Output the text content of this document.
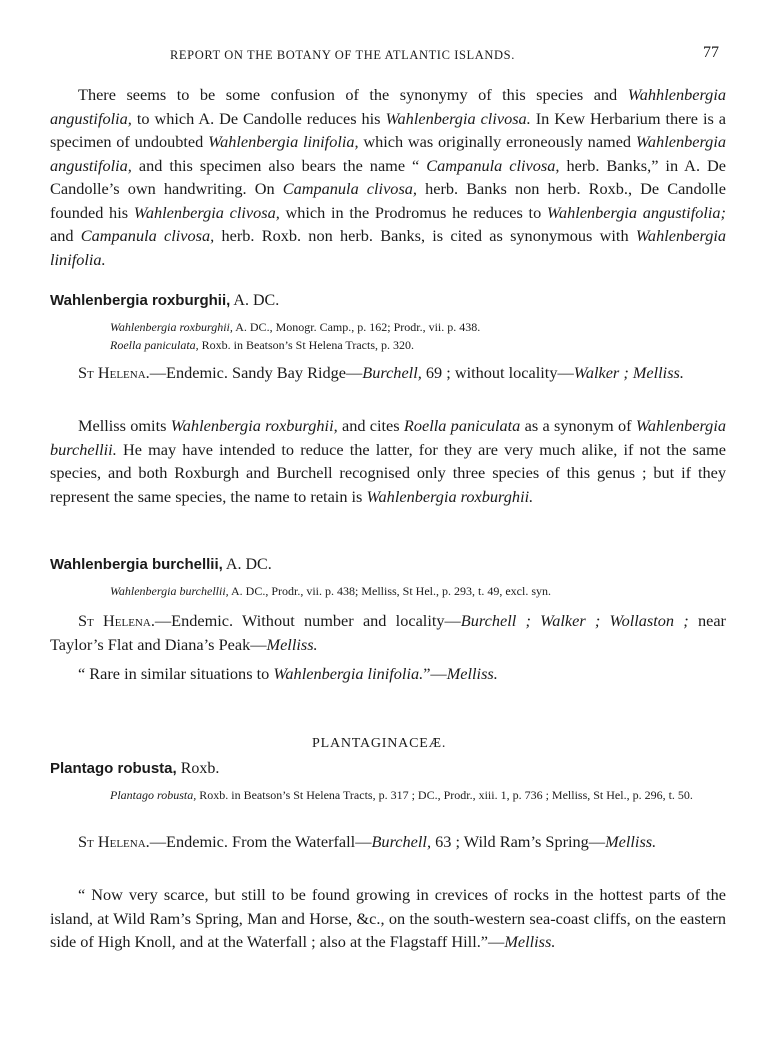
REPORT ON THE BOTANY OF THE ATLANTIC ISLANDS.	77

There seems to be some confusion of the synonymy of this species and Wahhlenbergia angustifolia, to which A. De Candolle reduces his Wahlenbergia clivosa. In Kew Herbarium there is a specimen of undoubted Wahlenbergia linifolia, which was originally erroneously named Wahlenbergia angustifolia, and this specimen also bears the name “ Campanula clivosa, herb. Banks,” in A. De Candolle’s own handwriting. On Campanula clivosa, herb. Banks non herb. Roxb., De Candolle founded his Wahlenbergia clivosa, which in the Prodromus he reduces to Wahlenbergia angustifolia; and Campanula clivosa, herb. Roxb. non herb. Banks, is cited as synonymous with Wahlenbergia linifolia.

Wahlenbergia roxburghii, A. DC.

Wahlenbergia roxburghii, A. DC., Monogr. Camp., p. 162; Prodr., vii. p. 438.

Roella paniculata, Roxb. in Beatson’s St Helena Tracts, p. 320.

St Helena.—Endemic. Sandy Bay Ridge—Burchell, 69 ; without locality—Walker ; Melliss.

Melliss omits Wahlenbergia roxburghii, and cites Roella paniculata as a synonym of Wahlenbergia burchellii. He may have intended to reduce the latter, for they are very much alike, if not the same species, and both Roxburgh and Burchell recognised only three species of this genus ; but if they represent the same species, the name to retain is Wahlenbergia roxburghii.

Wahlenbergia burchellii, A. DC.

Wahlenbergia burchellii, A. DC., Prodr., vii. p. 438; Melliss, St Hel., p. 293, t. 49, excl. syn.

St Helena.—Endemic. Without number and locality—Burchell ; Walker ; Wollaston ; near Taylor’s Flat and Diana’s Peak—Melliss.

“ Rare in similar situations to Wahlenbergia linifolia.”—Melliss.

PLANTAGINACEÆ.
Plantago robusta, Roxb.

Plantago robusta, Roxb. in Beatson’s St Helena Tracts, p. 317 ; DC., Prodr., xiii. 1, p. 736 ; Melliss, St Hel., p. 296, t. 50.

St Helena.—Endemic. From the Waterfall—Burchell, 63 ; Wild Ram’s Spring—Melliss.

“ Now very scarce, but still to be found growing in crevices of rocks in the hottest parts of the island, at Wild Ram’s Spring, Man and Horse, &c., on the south-western sea-coast cliffs, on the eastern side of High Knoll, and at the Waterfall ; also at the Flagstaff Hill.”—Melliss.
